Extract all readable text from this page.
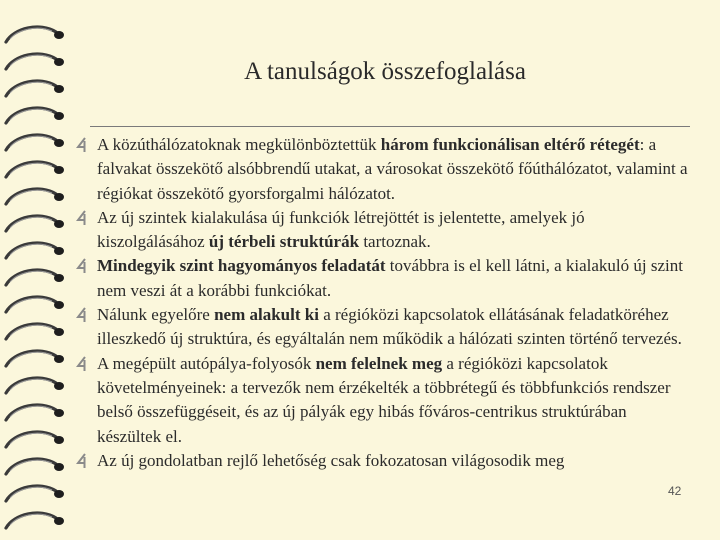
A tanulságok összefoglalása
A közúthálózatoknak megkülönböztettük három funkcionálisan eltérő rétegét: a falvakat összekötő alsóbbrendű utakat, a városokat összekötő főúthálózatot, valamint a régiókat összekötő gyorsforgalmi hálózatot.
Az új szintek kialakulása új funkciók létrejöttét is jelentette, amelyek jó kiszolgálásához új térbeli struktúrák tartoznak.
Mindegyik szint hagyományos feladatát továbbra is el kell látni, a kialakuló új szint nem veszi át a korábbi funkciókat.
Nálunk egyelőre nem alakult ki a régióközi kapcsolatok ellátásának feladatköréhez illeszkedő új struktúra, és egyáltalán nem működik a hálózati szinten történő tervezés.
A megépült autópálya-folyosók nem felelnek meg a régióközi kapcsolatok követelményeinek: a tervezők nem érzékelték a többrétegű és többfunkciós rendszer belső összefüggéseit, és az új pályák egy hibás főváros-centrikus struktúrában készültek el.
Az új gondolatban rejlő lehetőség csak fokozatosan világosodik meg
42
